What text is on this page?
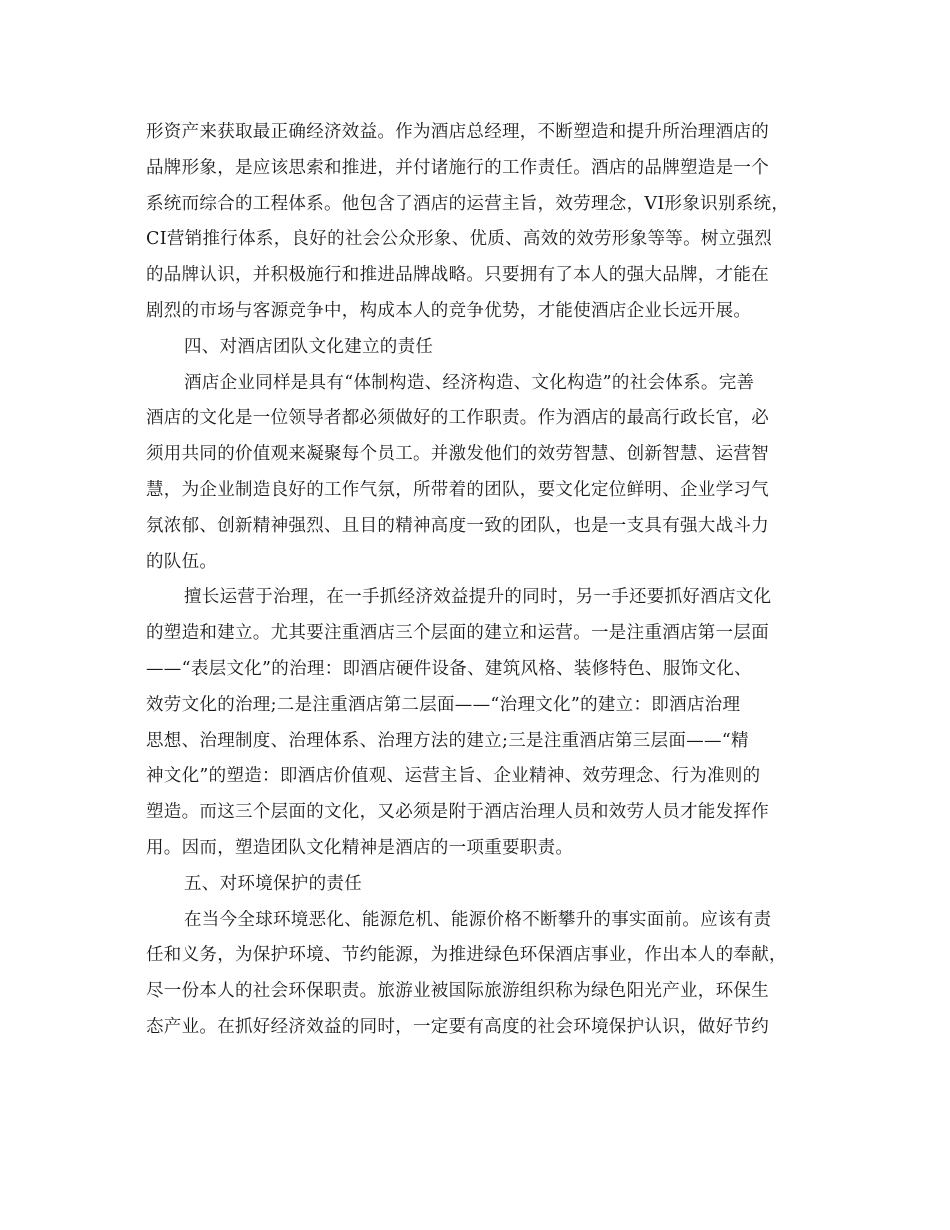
形资产来获取最正确经济效益。作为酒店总经理，不断塑造和提升所治理酒店的
品牌形象，是应该思索和推进，并付诸施行的工作责任。酒店的品牌塑造是一个
系统而综合的工程体系。他包含了酒店的运营主旨，效劳理念，VI形象识别系统，
CI营销推行体系，良好的社会公众形象、优质、高效的效劳形象等等。树立强烈
的品牌认识，并积极施行和推进品牌战略。只要拥有了本人的强大品牌，才能在
剧烈的市场与客源竞争中，构成本人的竞争优势，才能使酒店企业长远开展。
四、对酒店团队文化建立的责任
酒店企业同样是具有“体制构造、经济构造、文化构造”的社会体系。完善
酒店的文化是一位领导者都必须做好的工作职责。作为酒店的最高行政长官，必
须用共同的价值观来凝聚每个员工。并激发他们的效劳智慧、创新智慧、运营智
慧，为企业制造良好的工作气氛，所带着的团队，要文化定位鲜明、企业学习气
氛浓郁、创新精神强烈、且目的精神高度一致的团队，也是一支具有强大战斗力
的队伍。
擅长运营于治理，在一手抓经济效益提升的同时，另一手还要抓好酒店文化
的塑造和建立。尤其要注重酒店三个层面的建立和运营。一是注重酒店第一层面
——“表层文化”的治理：即酒店硬件设备、建筑风格、装修特色、服饰文化、
效劳文化的治理;二是注重酒店第二层面——“治理文化”的建立：即酒店治理
思想、治理制度、治理体系、治理方法的建立;三是注重酒店第三层面——“精
神文化”的塑造：即酒店价值观、运营主旨、企业精神、效劳理念、行为准则的
塑造。而这三个层面的文化，又必须是附于酒店治理人员和效劳人员才能发挥作
用。因而，塑造团队文化精神是酒店的一项重要职责。
五、对环境保护的责任
在当今全球环境恶化、能源危机、能源价格不断攀升的事实面前。应该有责
任和义务，为保护环境、节约能源，为推进绿色环保酒店事业，作出本人的奉献，
尽一份本人的社会环保职责。旅游业被国际旅游组织称为绿色阳光产业，环保生
态产业。在抓好经济效益的同时，一定要有高度的社会环境保护认识，做好节约
